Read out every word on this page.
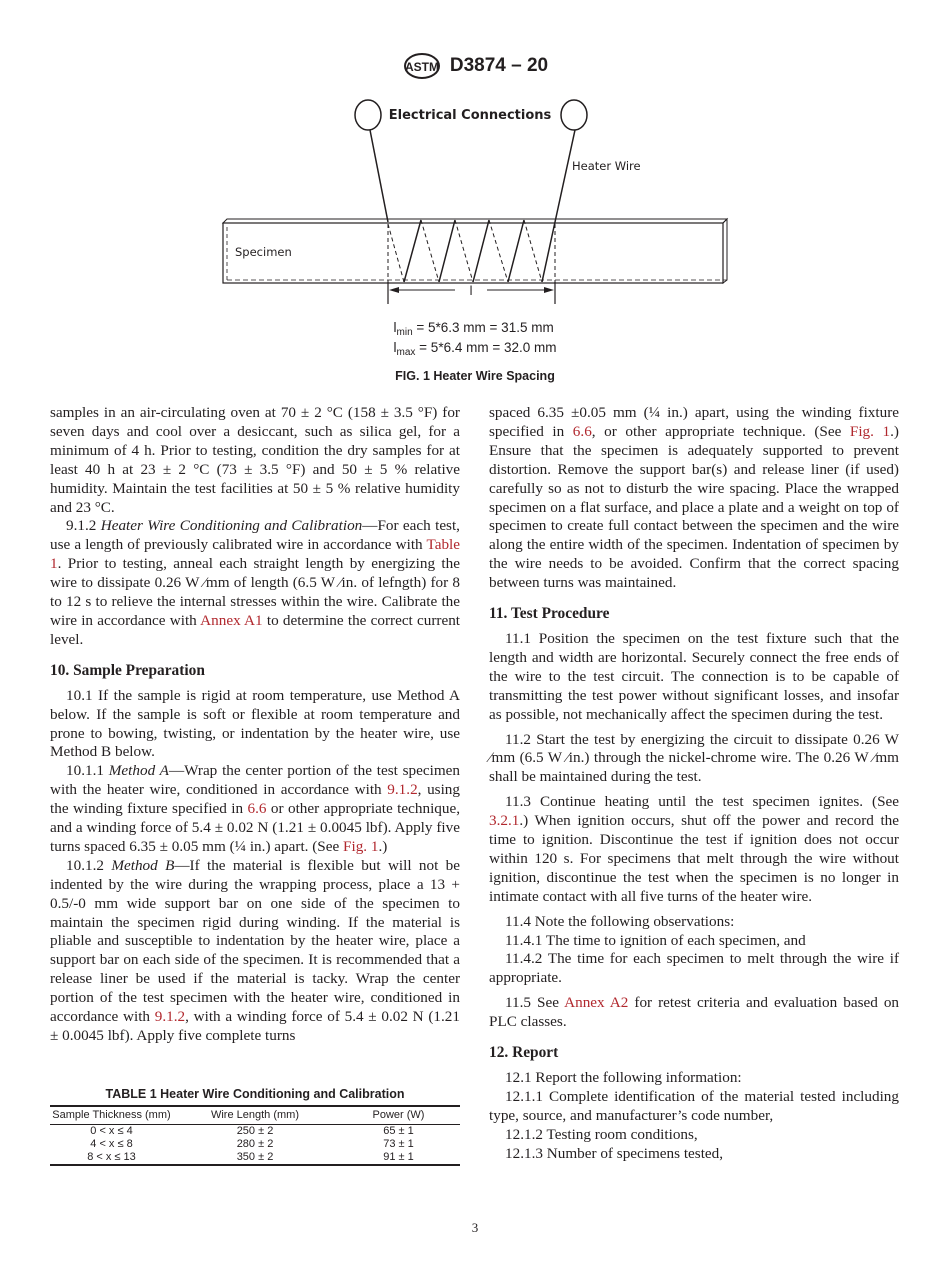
ASTM D3874 – 20
Electrical Connections
Heater Wire
Specimen
l
$l_{min} = 5*6.3$ mm = 31.5 mm
$l_{max} = 5*6.4$ mm = 32.0 mm
FIG. 1 Heater Wire Spacing

samples in an air-circulating oven at 70 ± 2 °C (158 ± 3.5 °F) for seven days and cool over a desiccant, such as silica gel, for a minimum of 4 h. Prior to testing, condition the dry samples for at least 40 h at 23 ± 2 °C (73 ± 3.5 °F) and 50 ± 5 % relative humidity. Maintain the test facilities at 50 ± 5 % relative humidity and 23 °C.

9.1.2 Heater Wire Conditioning and Calibration—For each test, use a length of previously calibrated wire in accordance with Table 1. Prior to testing, anneal each straight length by energizing the wire to dissipate 0.26 W ⁄mm of length (6.5 W ⁄in. of lefngth) for 8 to 12 s to relieve the internal stresses within the wire. Calibrate the wire in accordance with Annex A1 to determine the correct current level.

10. Sample Preparation

10.1 If the sample is rigid at room temperature, use Method A below. If the sample is soft or flexible at room temperature and prone to bowing, twisting, or indentation by the heater wire, use Method B below.

10.1.1 Method A—Wrap the center portion of the test specimen with the heater wire, conditioned in accordance with 9.1.2, using the winding fixture specified in 6.6 or other appropriate technique, and a winding force of 5.4 ± 0.02 N (1.21 ± 0.0045 lbf). Apply five turns spaced 6.35 ± 0.05 mm (¼ in.) apart. (See Fig. 1.)

10.1.2 Method B—If the material is flexible but will not be indented by the wire during the wrapping process, place a 13 + 0.5/-0 mm wide support bar on one side of the specimen to maintain the specimen rigid during winding. If the material is pliable and susceptible to indentation by the heater wire, place a support bar on each side of the specimen. It is recommended that a release liner be used if the material is tacky. Wrap the center portion of the test specimen with the heater wire, conditioned in accordance with 9.1.2, with a winding force of 5.4 ± 0.02 N (1.21 ± 0.0045 lbf). Apply five complete turns

TABLE 1 Heater Wire Conditioning and Calibration
Sample Thickness (mm)	Wire Length (mm)	Power (W)
0 < x ≤ 4	250 ± 2	65 ± 1
4 < x ≤ 8	280 ± 2	73 ± 1
8 < x ≤ 13	350 ± 2	91 ± 1

spaced 6.35 ±0.05 mm (¼ in.) apart, using the winding fixture specified in 6.6, or other appropriate technique. (See Fig. 1.) Ensure that the specimen is adequately supported to prevent distortion. Remove the support bar(s) and release liner (if used) carefully so as not to disturb the wire spacing. Place the wrapped specimen on a flat surface, and place a plate and a weight on top of specimen to create full contact between the specimen and the wire along the entire width of the specimen. Indentation of specimen by the wire needs to be avoided. Confirm that the correct spacing between turns was maintained.

11. Test Procedure

11.1 Position the specimen on the test fixture such that the length and width are horizontal. Securely connect the free ends of the wire to the test circuit. The connection is to be capable of transmitting the test power without significant losses, and insofar as possible, not mechanically affect the specimen during the test.

11.2 Start the test by energizing the circuit to dissipate 0.26 W ⁄mm (6.5 W ⁄in.) through the nickel-chrome wire. The 0.26 W ⁄mm shall be maintained during the test.

11.3 Continue heating until the test specimen ignites. (See 3.2.1.) When ignition occurs, shut off the power and record the time to ignition. Discontinue the test if ignition does not occur within 120 s. For specimens that melt through the wire without ignition, discontinue the test when the specimen is no longer in intimate contact with all five turns of the heater wire.

11.4 Note the following observations:

11.4.1 The time to ignition of each specimen, and

11.4.2 The time for each specimen to melt through the wire if appropriate.

11.5 See Annex A2 for retest criteria and evaluation based on PLC classes.

12. Report

12.1 Report the following information:

12.1.1 Complete identification of the material tested including type, source, and manufacturer’s code number,

12.1.2 Testing room conditions,

12.1.3 Number of specimens tested,

3
